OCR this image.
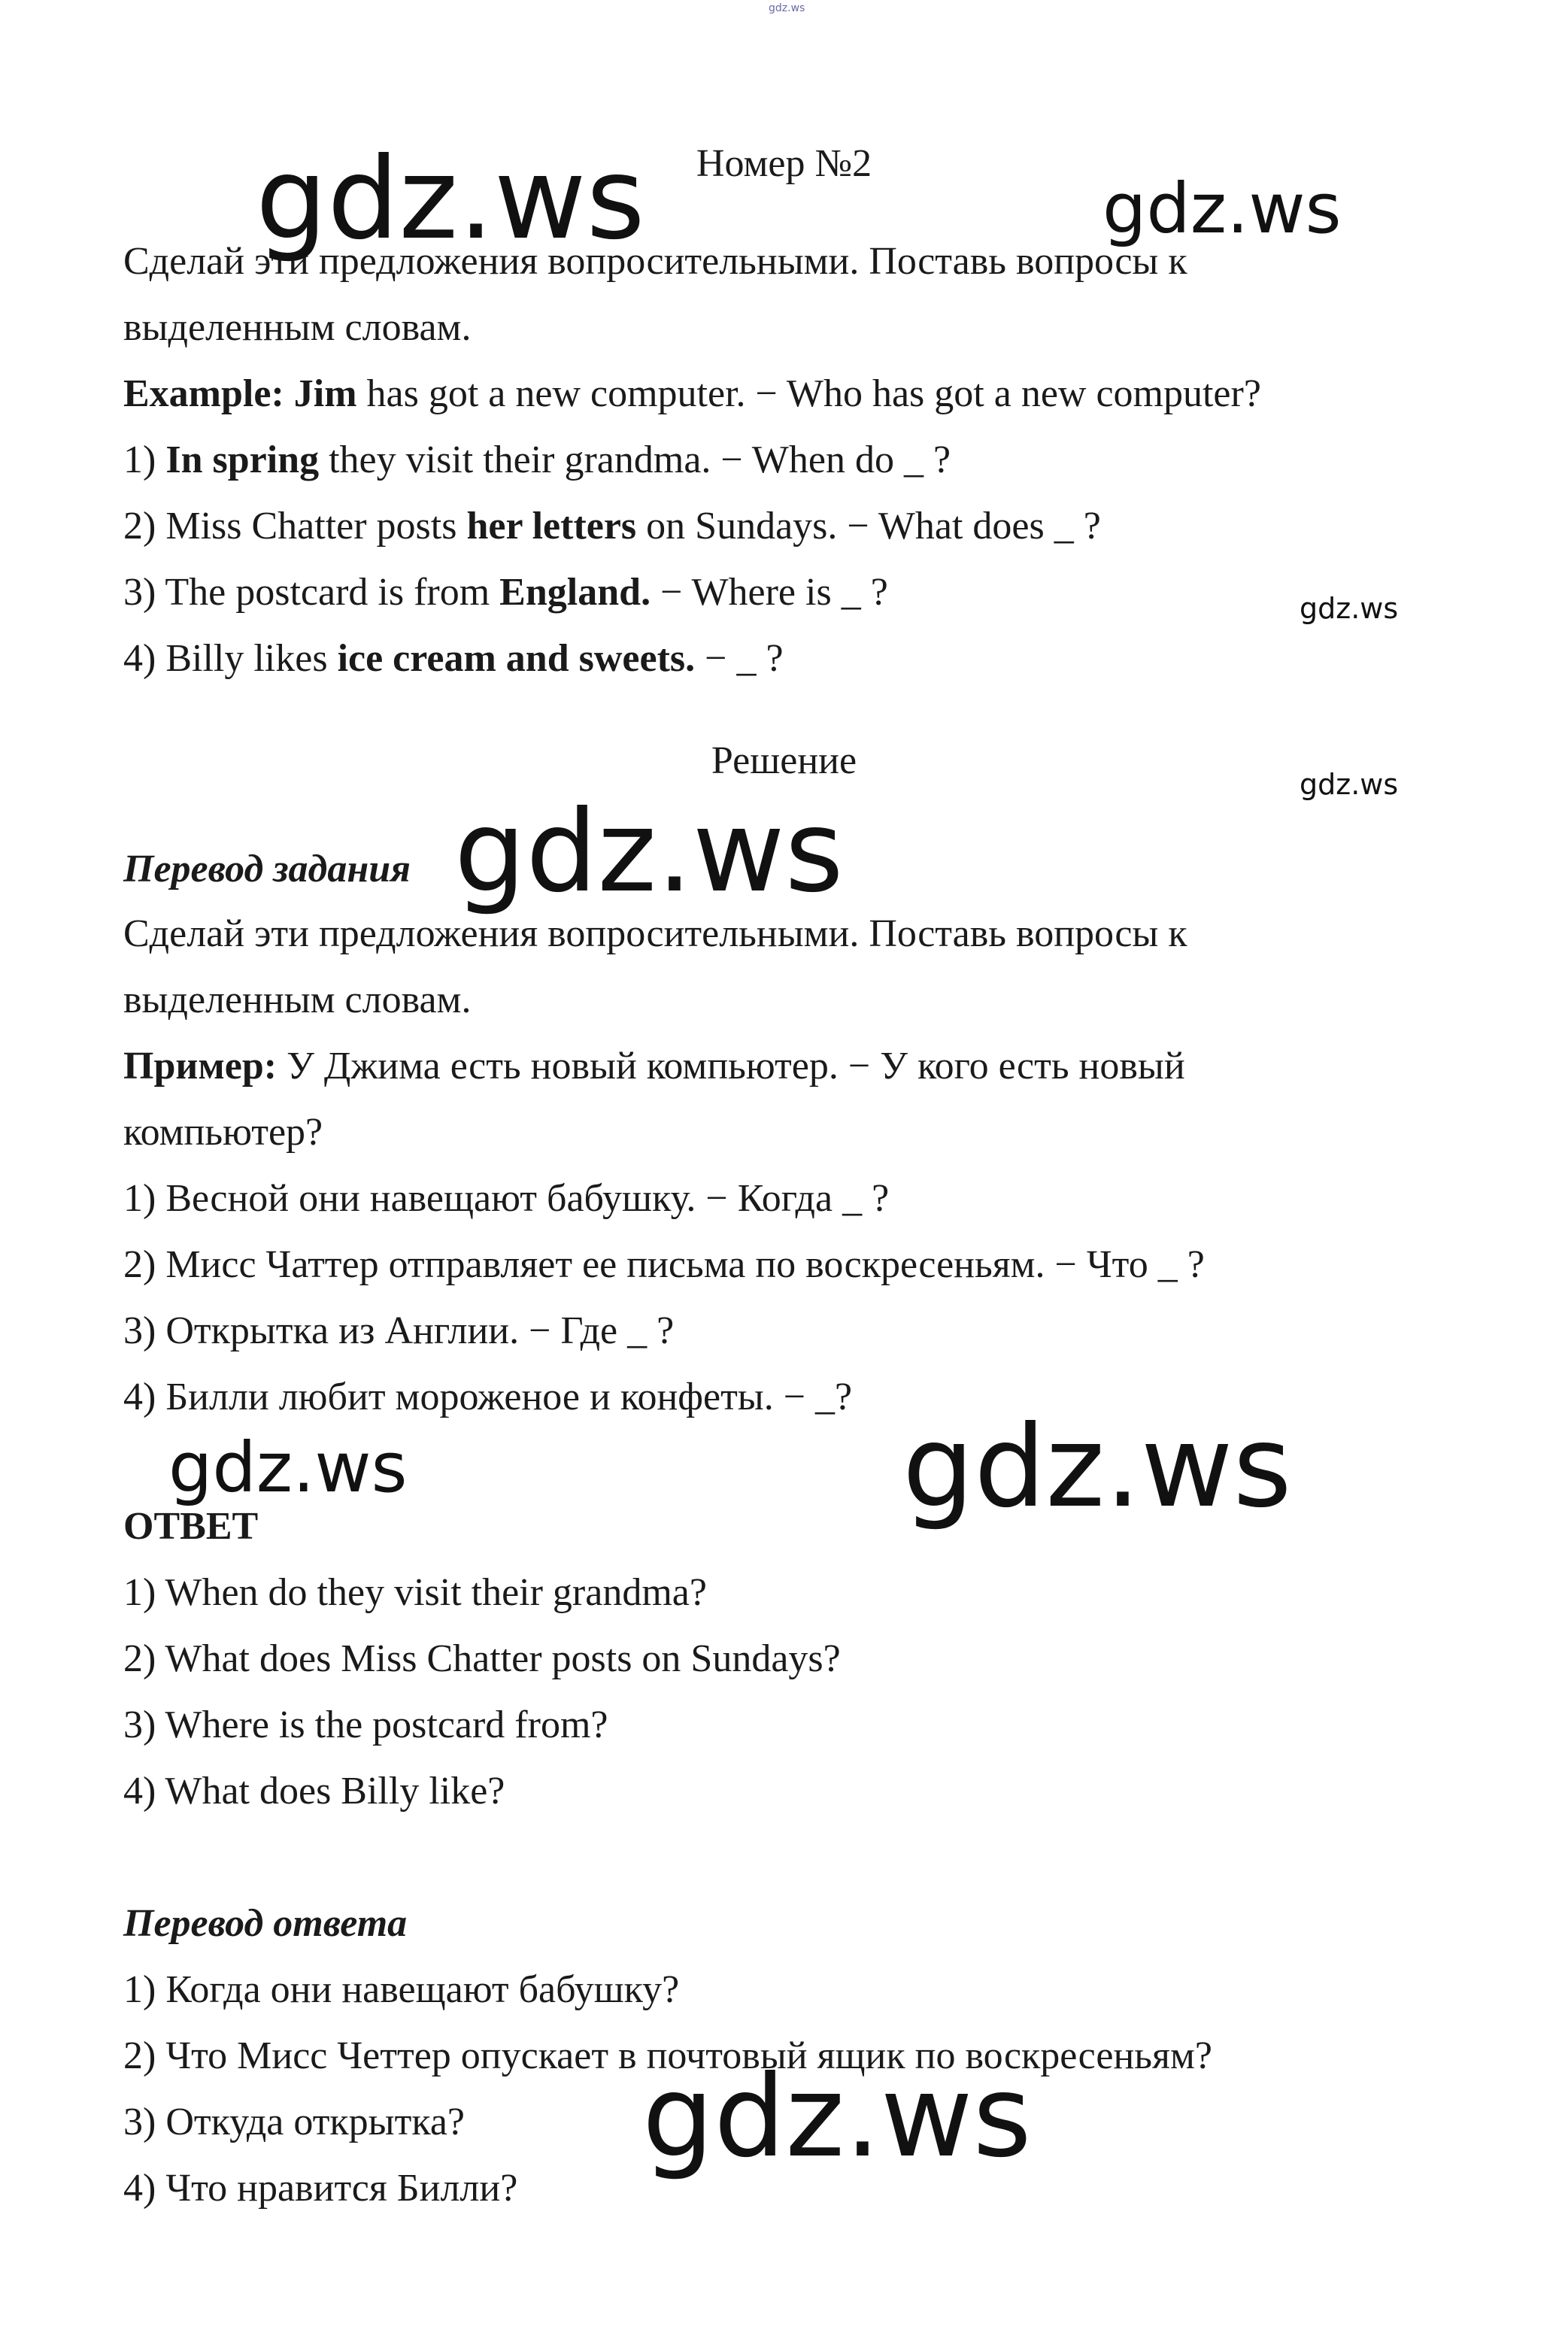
gdz.ws
Номер №2
Сделай эти предложения вопросительными. Поставь вопросы к
выделенным словам.
Example: Jim has got a new computer. − Who has got a new computer?
1) In spring they visit their grandma. − When do _ ?
2) Miss Chatter posts her letters on Sundays. − What does _ ?
3) The postcard is from England. − Where is _ ?
4) Billy likes ice cream and sweets. − _ ?
Решение
Перевод задания
Сделай эти предложения вопросительными. Поставь вопросы к
выделенным словам.
Пример: У Джима есть новый компьютер. − У кого есть новый
компьютер?
1) Весной они навещают бабушку. − Когда _ ?
2) Мисс Чаттер отправляет ее письма по воскресеньям. − Что _ ?
3) Открытка из Англии. − Где _ ?
4) Билли любит мороженое и конфеты. − _?
ОТВЕТ
1) When do they visit their grandma?
2) What does Miss Chatter posts on Sundays?
3) Where is the postcard from?
4) What does Billy like?
Перевод ответа
1) Когда они навещают бабушку?
2) Что Мисс Четтер опускает в почтовый ящик по воскресеньям?
3) Откуда открытка?
4) Что нравится Билли?
gdz.ws	gdz.ws
gdz.ws
gdz.ws
gdz.ws
gdz.ws	gdz.ws
gdz.ws
